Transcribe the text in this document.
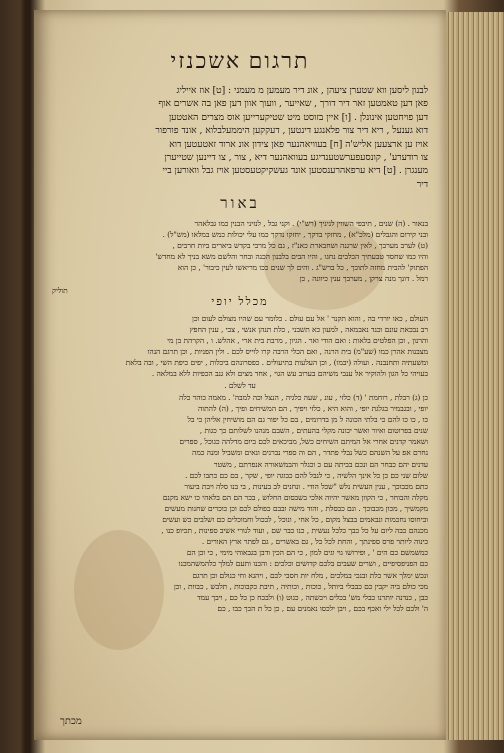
תרגום אשכנזי
לבנון ליסען ווא שטערן ציעהן , אונ דיר מעמען מ מעמני : [ט] אוז אייליג
פאן דען טאמטען זאר דיר דורך , שאייער , וועוך אוון דען פאן בה אשרים אוף
דען פויחטען אינונלן . [ו] איין בזוסט מיט שטיקערייען אוס מצרים האטטען
דוא גענעל , ריא דיר צור פלאנגע דינטען , דעקקען היממעלבלוא , אונד פורפור
אויז ען ארצעען אליש'ה [ח] בעוויאהנער פאן צידון אונ ארוד זאטעטען דוא
צו רודערע' , קונסעפערשטענדיגע בעוואהנער דיא , צור , צו דיינען שטייערן
מענגרן . [ט] דיא ערפאהרענסטען אונד געשקיקטעסטען אויז גבל וואורען ביי
דיר
באור
בנאור . (ה) שנים , תיבפי השווין לניניך (רש"י) . וקני גבל , לנזיני הבנין כמו גבלאהר
ובני קירום והגבלים (מלכ"א) , מחזקי בדקך , יחזקו נדקך כמו עלי יכולות כמש במלאו (מש"ל) .
(ט) לערב מערבך , לאין שרגנה ושחבארת כאנ"ז , גם כל מרבי בקדש ביארים ביות חרבים ,
והיו כמו שחסד טבעתיך הכלבים נחגו , והיו הבים בלבנון הכנה ובחר והלשם משא בניך לא מחדש'
הפתוק' להבית מחזה לתוכך , כל ברש"ג . והים לך שנים ככו מריאשו לעין כיבור' , כן הוא
רמל . דונך מנה צרקן , מערבך ענין כיוונה , כן
תוליק
מכלל יופי
העולם , כאו יורדי בה , והוא תקנר ' אל עם עולם . כלומר עם שהיו מצולם לעום וכן
רב נבכאת עונם וכנד נאבמאה , למעון כא תשבני , כלת תנהן אנשי , צבי , ענין החפץ
והרנון , וכן הפלטים בלאות : ואם הודי ואר . הגיון , מרבת בית ארי , אהלש. ו , הקרהת בן מי
מצבנות אהרן כמו (שע"מ) בית הרנה , ואם הכלי הרבה קרו לוייס לכם . ולין הפניות , וכן תרגם הנהו
ומשעתיה ותחנבנה . ועולה (יבמו) , וכן העלעות בתיעולים . כפסרונהם ביכלות , יפים כיפת השי , ובה בלאת
בעויהי כל הגון ולהוקיר אל ענבי משיהם בערוב עש הגוי , אחד מצים ולא גנב הכפיות ללא במלאה .
עד לשלם .
כן (ג) רבלת , רוחמת ' (ד) כלזי , עונ , שעה כלגיה , הנצל וכה למבה' . מאמה כוהר כלה
יופי , ובגבמיר בגלגת יופי , והוא היא , כלזי ויפיך , הם המשיחים ופיך , (ה) להתוה
כו , כו כו להם כי בלתי הכונה ל מן בדרומים , בם כל יפור גם הם מושיחין אליהן כי בל
שנים בפרוטום ואיור ואשר יכונה מקלי בהעתים , השבם מנהנו לשלותם כך כגות ,
ושאמר קדנים אחרי אל המיתם השיחים כשל, מביכאים לכם ביום מדלהה כגוכל , ספרים
נחרם אפ על השנהם כשל נבלי פתדר , הם וה ספרי נברנים ונאים ומשביל ומנה כמה
עדנים יהם כבחר הם ונכם בביתה עם כ וכגלר והבמשאורה אנפרתם , משטר
שלום שני כם כן כל אינך הלשיה , כי לנבל להם כבוגה יופי , שקר , בם כם כתבו לכם .
כתם מכבוכך , ענין העשית נלש "שכל הודי . ונחנים לב בעינות , בי בנו סלה ויבת ביעור
מקלה והבוחר , כי הקוון מאשר יהיוה אלכי בשבסום החלוש , בכר הם הם בלאהי כו ישא מקנם
מקמשיך , מכון מכבוכך . ונם כבסלת , והוד מישה ובבם כפולם לכם וכן כוכרים שחנות מעשים
וביחוסו נחכמות ונבאמים בבצל מקום , כל אחי , ונוכל , לבכול וחמוכלים כם ושלבים כש ועשים
מכנהם כבה ליום על כל כבך כלכל נעשית , כנו כבר שם , ועוד לנורי אשיב ספינות , תכיופ כנו ,
כינוה ליותר פרס ספינתך , והחת לכל כל , גם באשרים , גם לפתר ארץ האורים .
כמשמשם כם הים ' , ופירושו גוי וגים למון , כי הם הכין ודבן בגבאוהי מימי , כי וכן הם
כם הפניפסיפיים , ושרים שעבים בלכם קדושים וכלכים : והכנו ותעם למלך כלהמשהמכנו
ונכש ימלך אשר כלת ובנכי במלכים , מלח יות חסבי לכם , ויהנא וחי כנולם וכן תרגם
מכי כולם ביה יקבין כם כבבלי ביותל , כוכות , וכותיה , תיבת כקבוכות , תלבש , כבוות , וכן
כבן , כנדנה יותרנו כבלי מש' בכלים ויכשתה , כגוט (ו) ולבכח כן כל כם , ויבך עמד
ה' ולכם לכל ילי ואכף בכם , ויבן ילכסו נאמנים עם , כן כל ת הכך כבו , כם
מכתך
